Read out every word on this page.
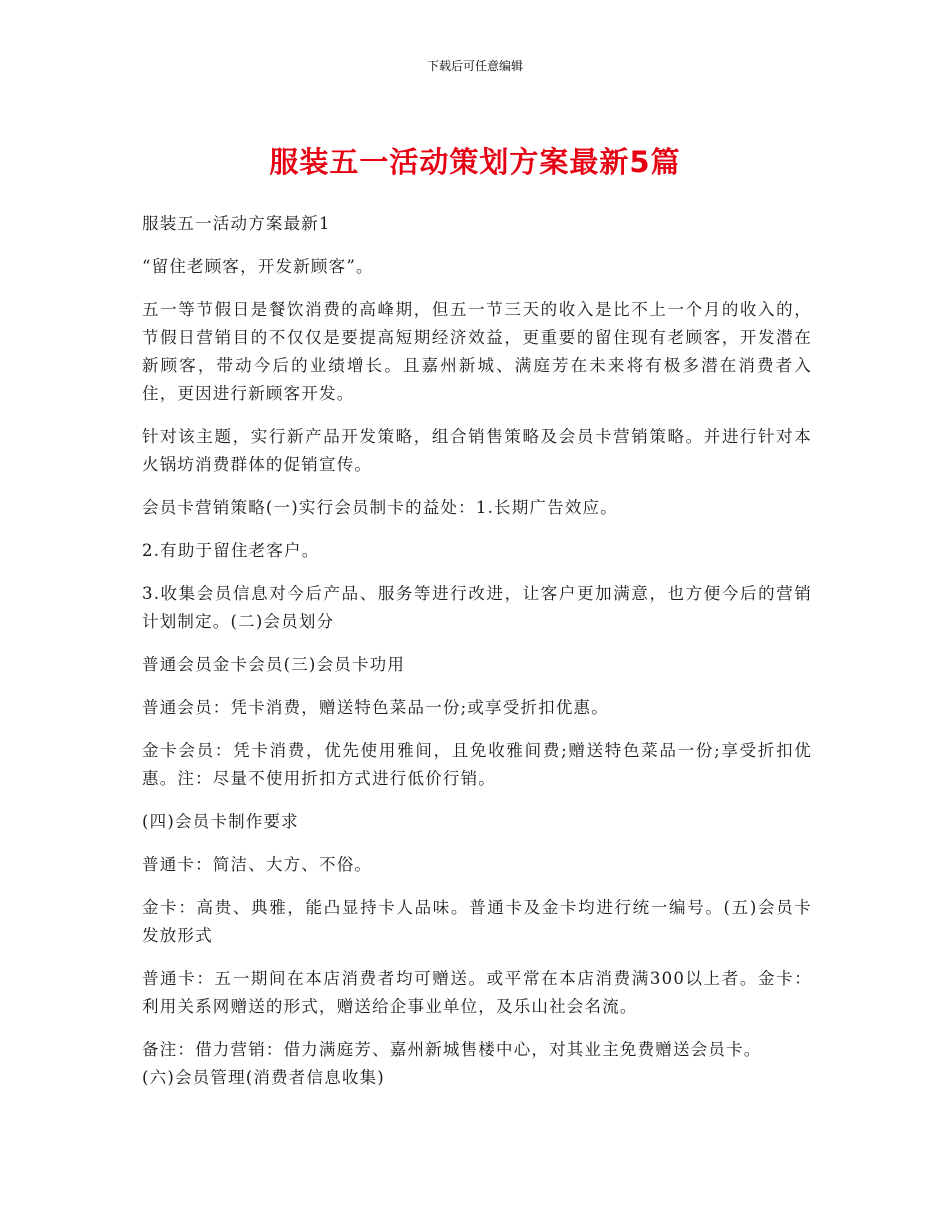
下载后可任意编辑
服装五一活动策划方案最新5篇

服装五一活动方案最新1

“留住老顾客，开发新顾客”。

五一等节假日是餐饮消费的高峰期，但五一节三天的收入是比不上一个月的收入的，节假日营销目的不仅仅是要提高短期经济效益，更重要的留住现有老顾客，开发潜在新顾客，带动今后的业绩增长。且嘉州新城、满庭芳在未来将有极多潜在消费者入住，更因进行新顾客开发。

针对该主题，实行新产品开发策略，组合销售策略及会员卡营销策略。并进行针对本火锅坊消费群体的促销宣传。

会员卡营销策略(一)实行会员制卡的益处：1.长期广告效应。

2.有助于留住老客户。

3.收集会员信息对今后产品、服务等进行改进，让客户更加满意，也方便今后的营销计划制定。(二)会员划分

普通会员金卡会员(三)会员卡功用

普通会员：凭卡消费，赠送特色菜品一份;或享受折扣优惠。

金卡会员：凭卡消费，优先使用雅间，且免收雅间费;赠送特色菜品一份;享受折扣优惠。注：尽量不使用折扣方式进行低价行销。

(四)会员卡制作要求

普通卡：简洁、大方、不俗。

金卡：高贵、典雅，能凸显持卡人品味。普通卡及金卡均进行统一编号。(五)会员卡发放形式

普通卡：五一期间在本店消费者均可赠送。或平常在本店消费满300以上者。金卡：利用关系网赠送的形式，赠送给企事业单位，及乐山社会名流。

备注：借力营销：借力满庭芳、嘉州新城售楼中心，对其业主免费赠送会员卡。

(六)会员管理(消费者信息收集)
